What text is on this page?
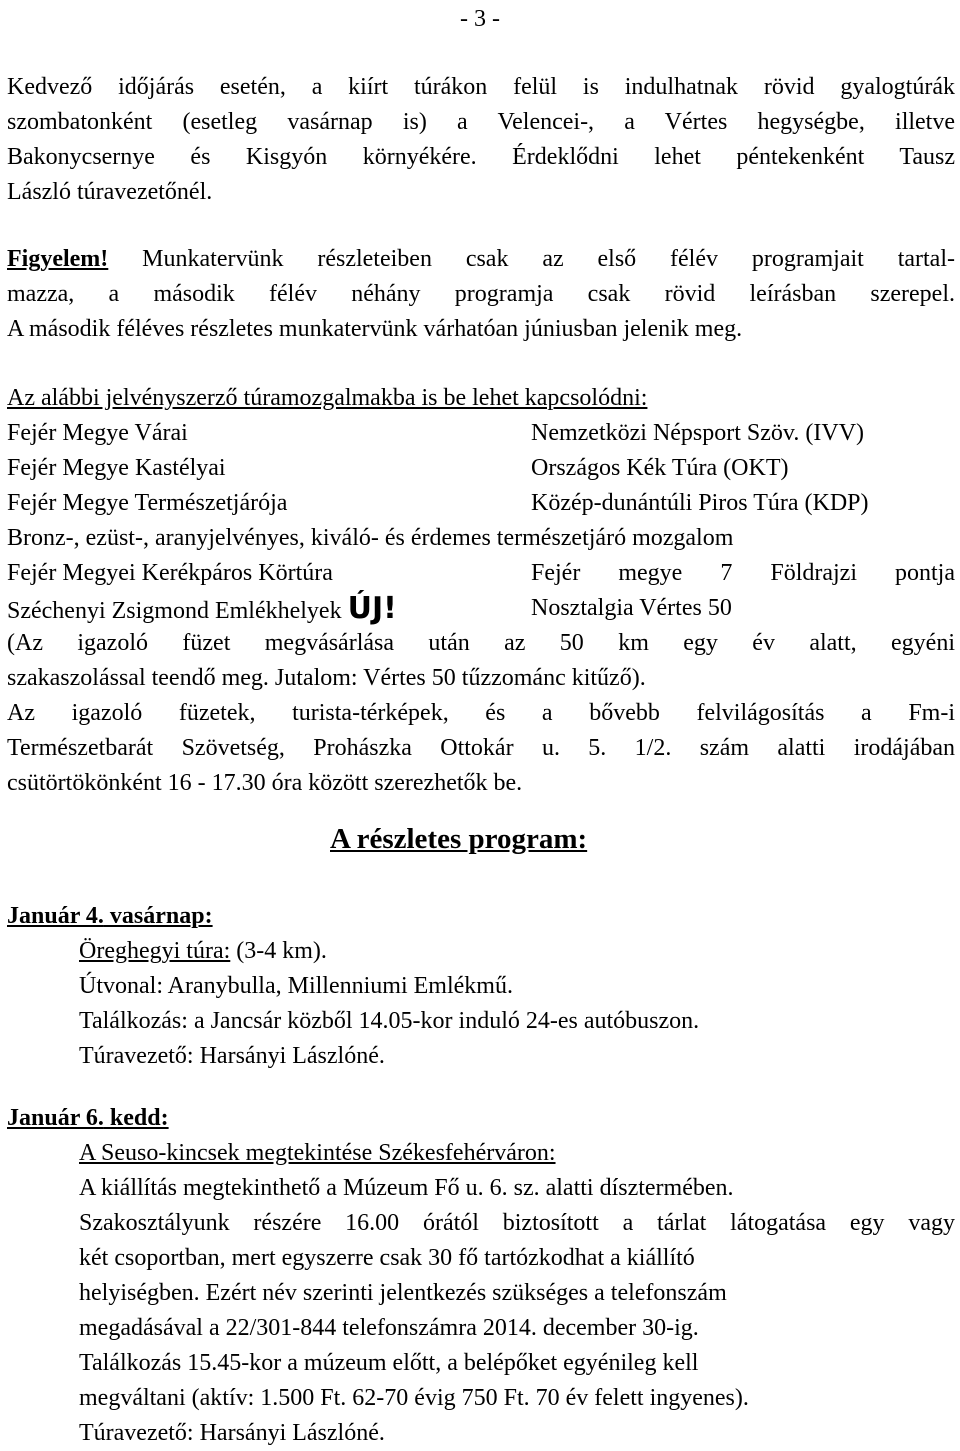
- 3 -
Kedvező időjárás esetén, a kiírt túrákon felül is indulhatnak rövid gyalogtúrák
szombatonként (esetleg vasárnap is) a Velencei-, a Vértes hegységbe, illetve
Bakonycsernye és Kisgyón környékére. Érdeklődni lehet péntekenként Tausz
László túravezetőnél.
Figyelem! Munkatervünk részleteiben csak az első félév programjait tartal-
mazza, a második félév néhány programja csak rövid leírásban szerepel.
A második féléves részletes munkatervünk várhatóan júniusban jelenik meg.
Az alábbi jelvényszerző túramozgalmakba is be lehet kapcsolódni:
Fejér Megye Várai	Nemzetközi Népsport Szöv. (IVV)
Fejér Megye Kastélyai	Országos Kék Túra (OKT)
Fejér Megye Természetjárója	Közép-dunántúli Piros Túra (KDP)
Bronz-, ezüst-, aranyjelvényes, kiváló- és érdemes természetjáró mozgalom
Fejér Megyei Kerékpáros Körtúra	Fejér megye 7 Földrajzi pontja
Széchenyi Zsigmond Emlékhelyek ÚJ!	Nosztalgia Vértes 50
(Az igazoló füzet megvásárlása után az 50 km egy év alatt, egyéni
szakaszolással teendő meg. Jutalom: Vértes 50 tűzzománc kitűző).
Az igazoló füzetek, turista-térképek, és a bővebb felvilágosítás a Fm-i
Természetbarát Szövetség, Prohászka Ottokár u. 5. 1/2. szám alatti irodájában
csütörtökönként 16 - 17.30 óra között szerezhetők be.
A részletes program:
Január 4. vasárnap:
Öreghegyi túra: (3-4 km).
Útvonal: Aranybulla, Millenniumi Emlékmű.
Találkozás: a Jancsár közből 14.05-kor induló 24-es autóbuszon.
Túravezető: Harsányi Lászlóné.
Január 6. kedd:
A Seuso-kincsek megtekintése Székesfehérváron:
A kiállítás megtekinthető a Múzeum Fő u. 6. sz. alatti dísztermében.
Szakosztályunk részére 16.00 órától biztosított a tárlat látogatása egy vagy
két csoportban, mert egyszerre csak 30 fő tartózkodhat a kiállító
helyiségben. Ezért név szerinti jelentkezés szükséges a telefonszám
megadásával a 22/301-844 telefonszámra 2014. december 30-ig.
Találkozás 15.45-kor a múzeum előtt, a belépőket egyénileg kell
megváltani (aktív: 1.500 Ft. 62-70 évig 750 Ft. 70 év felett ingyenes).
Túravezető: Harsányi Lászlóné.
